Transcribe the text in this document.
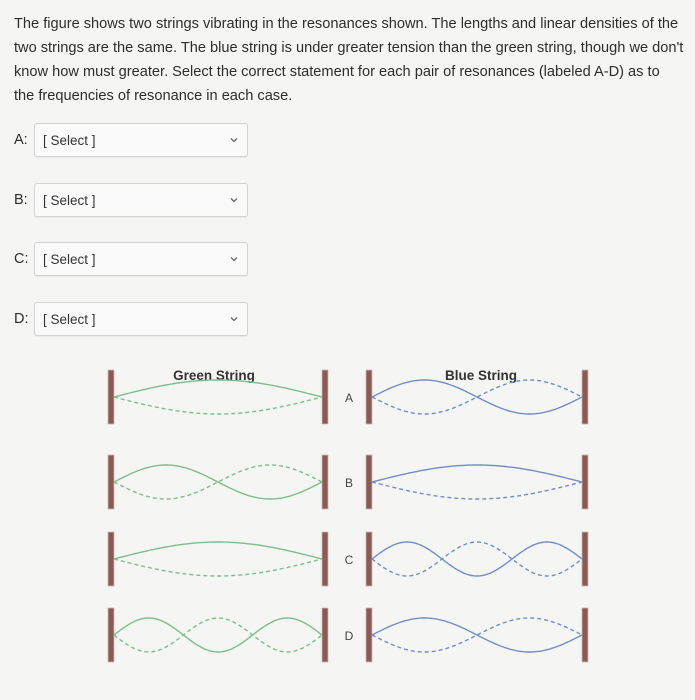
The figure shows two strings vibrating in the resonances shown. The lengths and linear densities of the two strings are the same. The blue string is under greater tension than the green string, though we don't know how must greater. Select the correct statement for each pair of resonances (labeled A-D) as to the frequencies of resonance in each case.

A:	[ Select ]
B:	[ Select ]
C:	[ Select ]
D:	[ Select ]
Green String	Blue String
A
B
C
D
